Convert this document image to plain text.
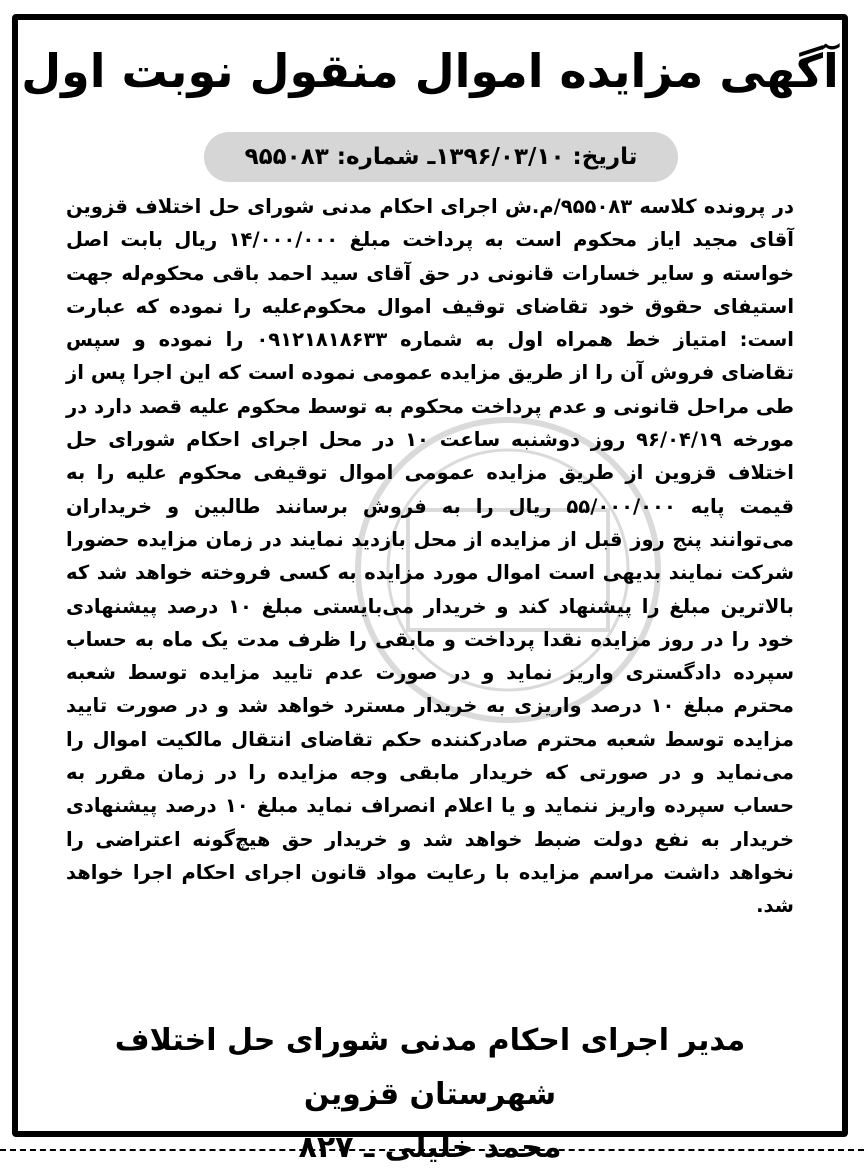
آگهی مزایده اموال منقول نوبت اول
تاریخ: ۱۳۹۶/۰۳/۱۰ـ شماره: ۹۵۵۰۸۳
در پرونده کلاسه ۹۵۵۰۸۳/م.ش اجرای احکام مدنی شورای حل اختلاف قزوین آقای مجید ایاز محکوم است به پرداخت مبلغ ۱۴/۰۰۰/۰۰۰ ریال بابت اصل خواسته و سایر خسارات قانونی در حق آقای سید احمد باقی محکوم‌له جهت استیفای حقوق خود تقاضای توقیف اموال محکوم‌علیه را نموده که عبارت است: امتیاز خط همراه اول به شماره ۰۹۱۲۱۸۱۸۶۳۳ را نموده و سپس تقاضای فروش آن را از طریق مزایده عمومی نموده است که این اجرا پس از طی مراحل قانونی و عدم پرداخت محکوم به توسط محکوم علیه قصد دارد در مورخه ۹۶/۰۴/۱۹ روز دوشنبه ساعت ۱۰ در محل اجرای احکام شورای حل اختلاف قزوین از طریق مزایده عمومی اموال توقیفی محکوم علیه را به قیمت پایه ۵۵/۰۰۰/۰۰۰ ریال را به فروش برسانند طالبین و خریداران می‌توانند پنج روز قبل از مزایده از محل بازدید نمایند در زمان مزایده حضورا شرکت نمایند بدیهی است اموال مورد مزایده به کسی فروخته خواهد شد که بالاترین مبلغ را پیشنهاد کند و خریدار می‌بایستی مبلغ ۱۰ درصد پیشنهادی خود را در روز مزایده نقدا پرداخت و مابقی را ظرف مدت یک ماه به حساب سپرده دادگستری واریز نماید و در صورت عدم تایید مزایده توسط شعبه محترم مبلغ ۱۰ درصد واریزی به خریدار مسترد خواهد شد و در صورت تایید مزایده توسط شعبه محترم صادرکننده حکم تقاضای انتقال مالکیت اموال را می‌نماید و در صورتی که خریدار مابقی وجه مزایده را در زمان مقرر به حساب سپرده واریز ننماید و یا اعلام انصراف نماید مبلغ ۱۰ درصد پیشنهادی خریدار به نفع دولت ضبط خواهد شد و خریدار حق هیچ‌گونه اعتراضی را نخواهد داشت مراسم مزایده با رعایت مواد قانون اجرای احکام اجرا خواهد شد.
مدیر اجرای احکام مدنی شورای حل اختلاف شهرستان قزوین
محمد خلیلی ـ ۸۲۷
